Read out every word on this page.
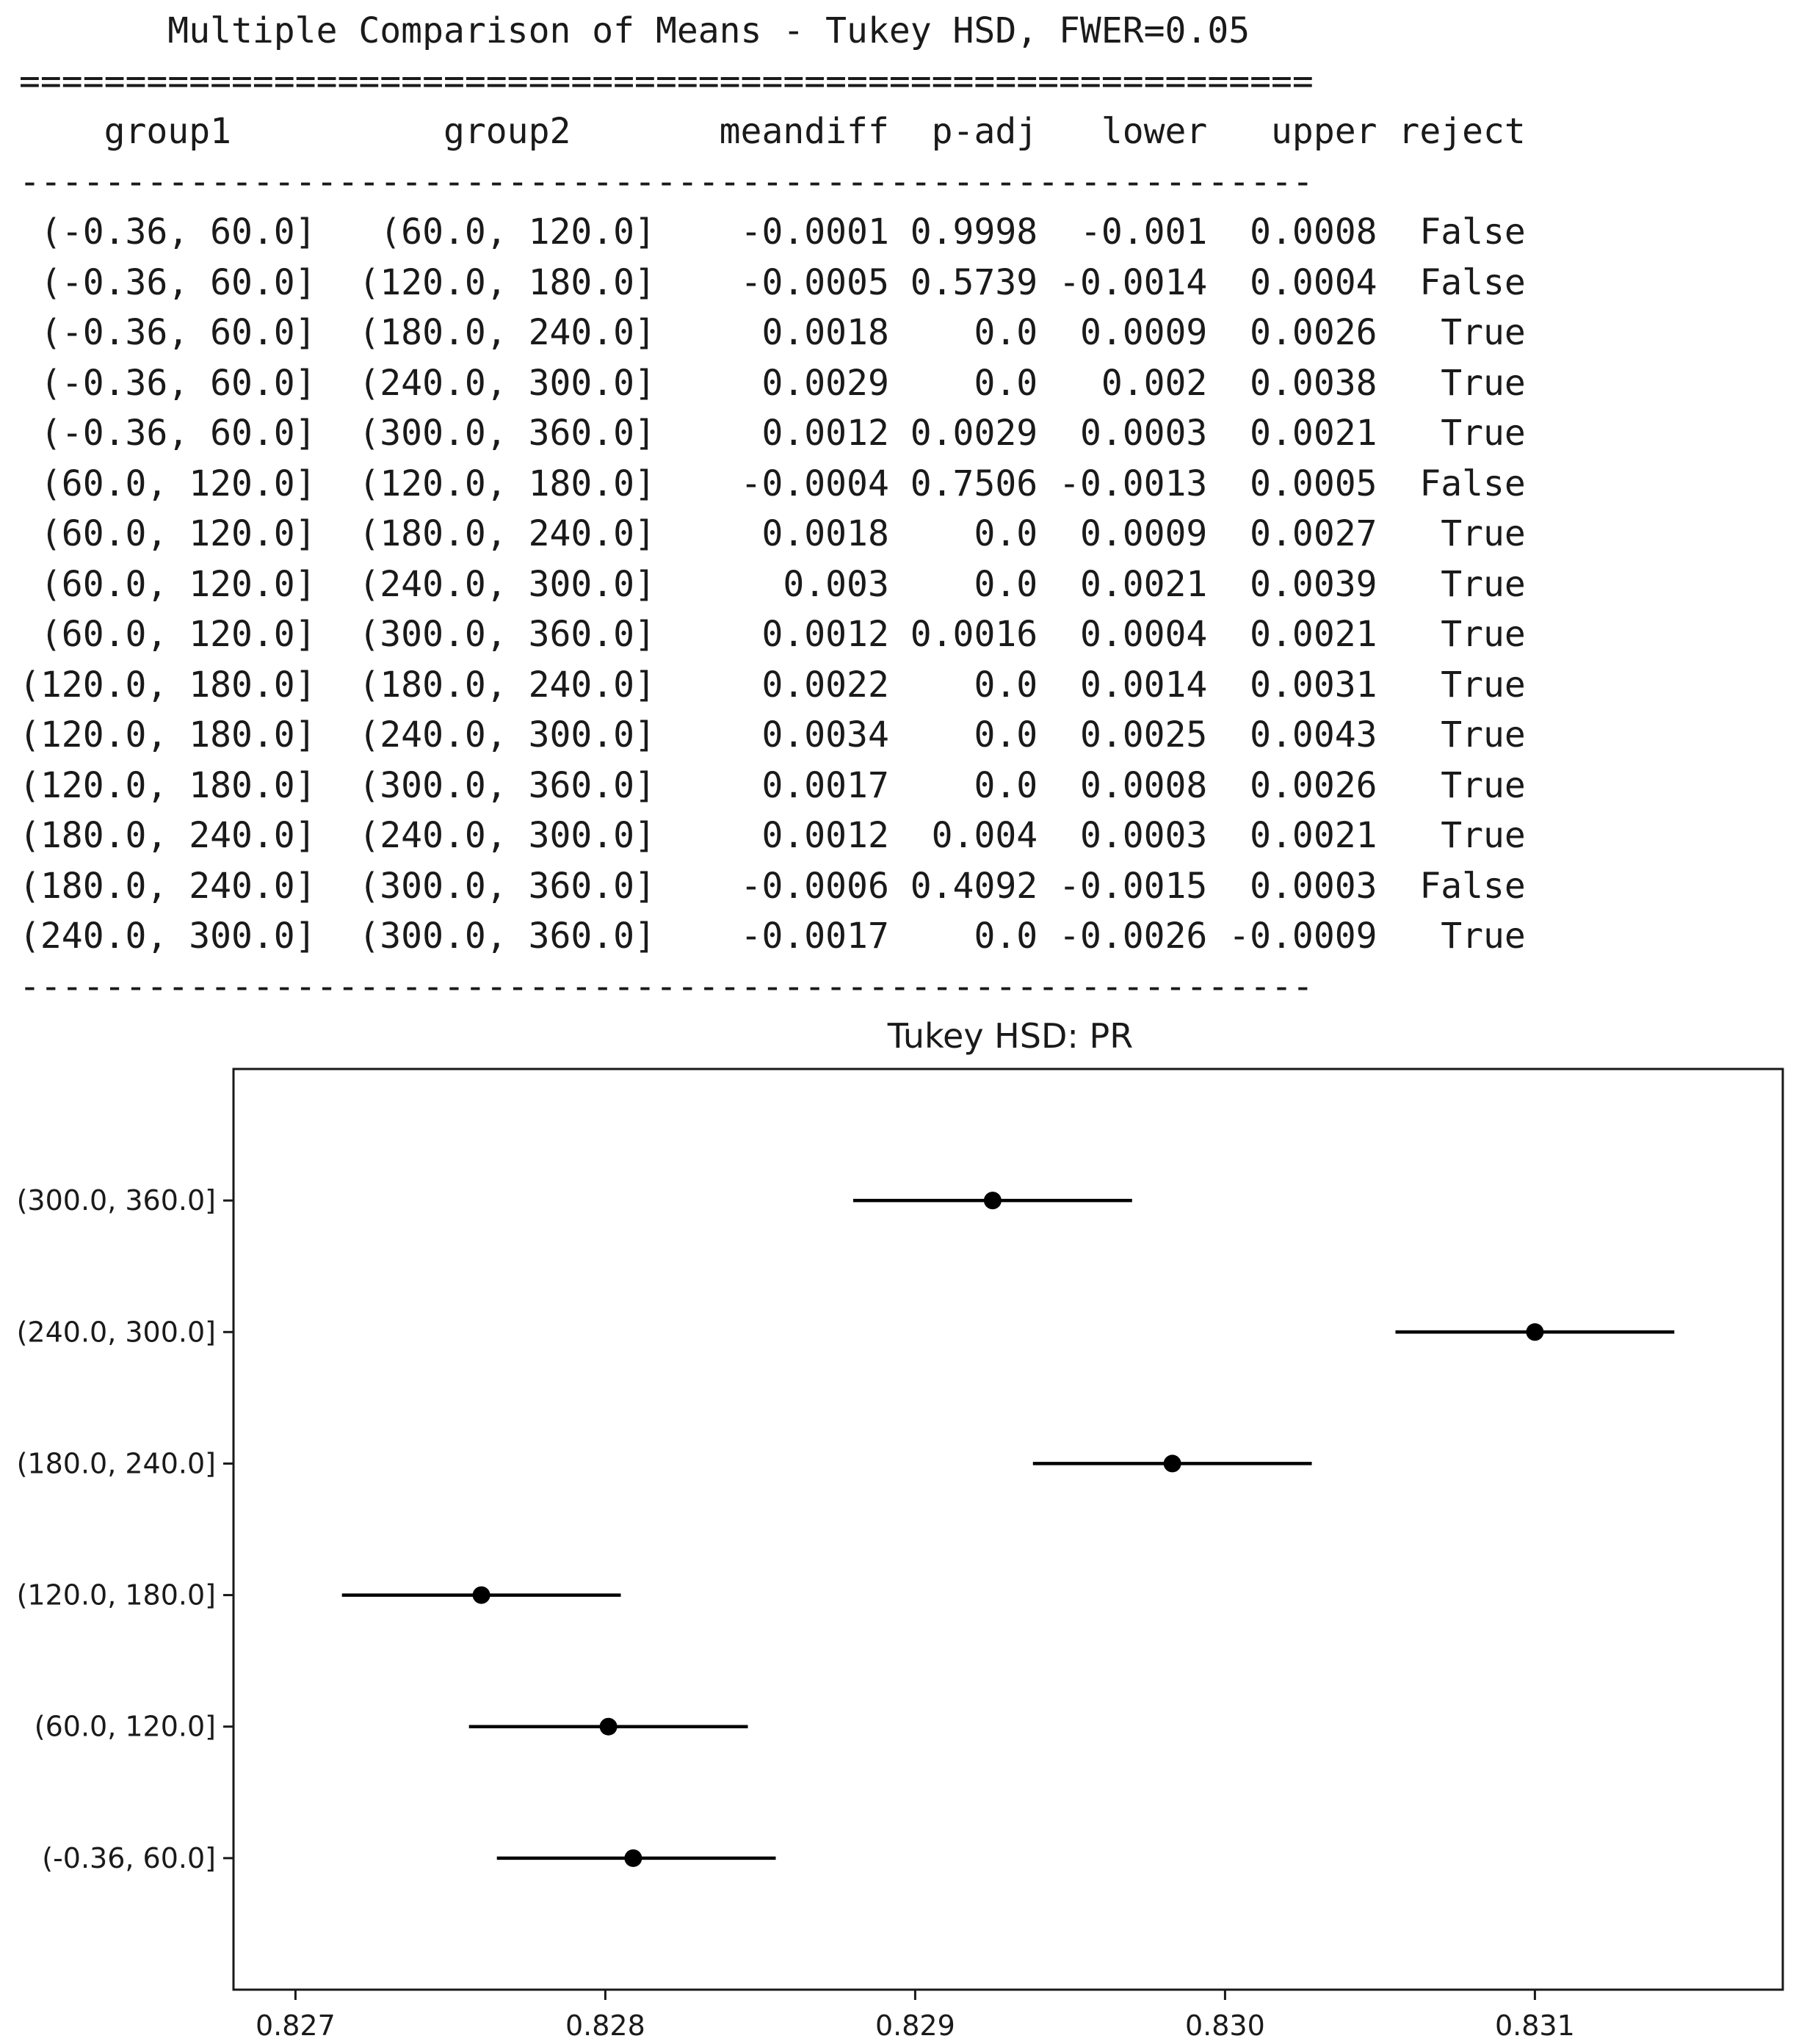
Multiple Comparison of Means - Tukey HSD, FWER=0.05
=============================================================
group1          group2       meandiff  p-adj   lower   upper reject
-------------------------------------------------------------
(-0.36, 60.0]   (60.0, 120.0]    -0.0001 0.9998  -0.001  0.0008  False
(-0.36, 60.0]  (120.0, 180.0]    -0.0005 0.5739 -0.0014  0.0004  False
(-0.36, 60.0]  (180.0, 240.0]     0.0018    0.0  0.0009  0.0026   True
(-0.36, 60.0]  (240.0, 300.0]     0.0029    0.0   0.002  0.0038   True
(-0.36, 60.0]  (300.0, 360.0]     0.0012 0.0029  0.0003  0.0021   True
(60.0, 120.0]  (120.0, 180.0]    -0.0004 0.7506 -0.0013  0.0005  False
(60.0, 120.0]  (180.0, 240.0]     0.0018    0.0  0.0009  0.0027   True
(60.0, 120.0]  (240.0, 300.0]      0.003    0.0  0.0021  0.0039   True
(60.0, 120.0]  (300.0, 360.0]     0.0012 0.0016  0.0004  0.0021   True
(120.0, 180.0]  (180.0, 240.0]     0.0022    0.0  0.0014  0.0031   True
(120.0, 180.0]  (240.0, 300.0]     0.0034    0.0  0.0025  0.0043   True
(120.0, 180.0]  (300.0, 360.0]     0.0017    0.0  0.0008  0.0026   True
(180.0, 240.0]  (240.0, 300.0]     0.0012  0.004  0.0003  0.0021   True
(180.0, 240.0]  (300.0, 360.0]    -0.0006 0.4092 -0.0015  0.0003  False
(240.0, 300.0]  (300.0, 360.0]    -0.0017    0.0 -0.0026 -0.0009   True
-------------------------------------------------------------
Tukey HSD: PR
0.827	0.828	0.829	0.830	0.831
(300.0, 360.0]
(240.0, 300.0]
(180.0, 240.0]
(120.0, 180.0]
(60.0, 120.0]
(-0.36, 60.0]
